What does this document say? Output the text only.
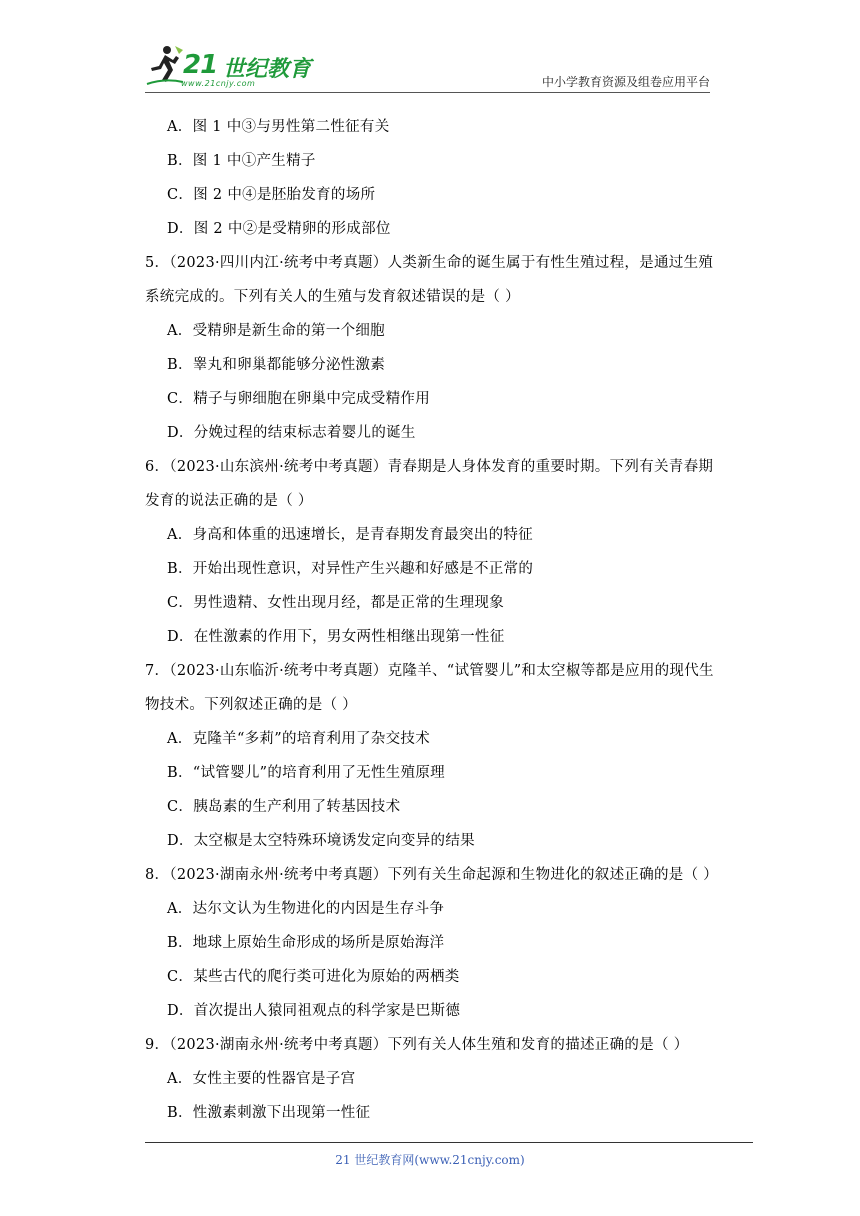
21 世纪教育
www.21cnjy.com	中小学教育资源及组卷应用平台
A．图 1 中③与男性第二性征有关
B．图 1 中①产生精子
C．图 2 中④是胚胎发育的场所
D．图 2 中②是受精卵的形成部位
5．（2023·四川内江·统考中考真题）人类新生命的诞生属于有性生殖过程，是通过生殖
系统完成的。下列有关人的生殖与发育叙述错误的是（ ）
A．受精卵是新生命的第一个细胞
B．睾丸和卵巢都能够分泌性激素
C．精子与卵细胞在卵巢中完成受精作用
D．分娩过程的结束标志着婴儿的诞生
6．（2023·山东滨州·统考中考真题）青春期是人身体发育的重要时期。下列有关青春期
发育的说法正确的是（ ）
A．身高和体重的迅速增长，是青春期发育最突出的特征
B．开始出现性意识，对异性产生兴趣和好感是不正常的
C．男性遗精、女性出现月经，都是正常的生理现象
D．在性激素的作用下，男女两性相继出现第一性征
7．（2023·山东临沂·统考中考真题）克隆羊、“试管婴儿”和太空椒等都是应用的现代生
物技术。下列叙述正确的是（ ）
A．克隆羊“多莉”的培育利用了杂交技术
B．“试管婴儿”的培育利用了无性生殖原理
C．胰岛素的生产利用了转基因技术
D．太空椒是太空特殊环境诱发定向变异的结果
8．（2023·湖南永州·统考中考真题）下列有关生命起源和生物进化的叙述正确的是（ ）
A．达尔文认为生物进化的内因是生存斗争
B．地球上原始生命形成的场所是原始海洋
C．某些古代的爬行类可进化为原始的两栖类
D．首次提出人猿同祖观点的科学家是巴斯德
9．（2023·湖南永州·统考中考真题）下列有关人体生殖和发育的描述正确的是（ ）
A．女性主要的性器官是子宫
B．性激素刺激下出现第一性征
21 世纪教育网(www.21cnjy.com)
